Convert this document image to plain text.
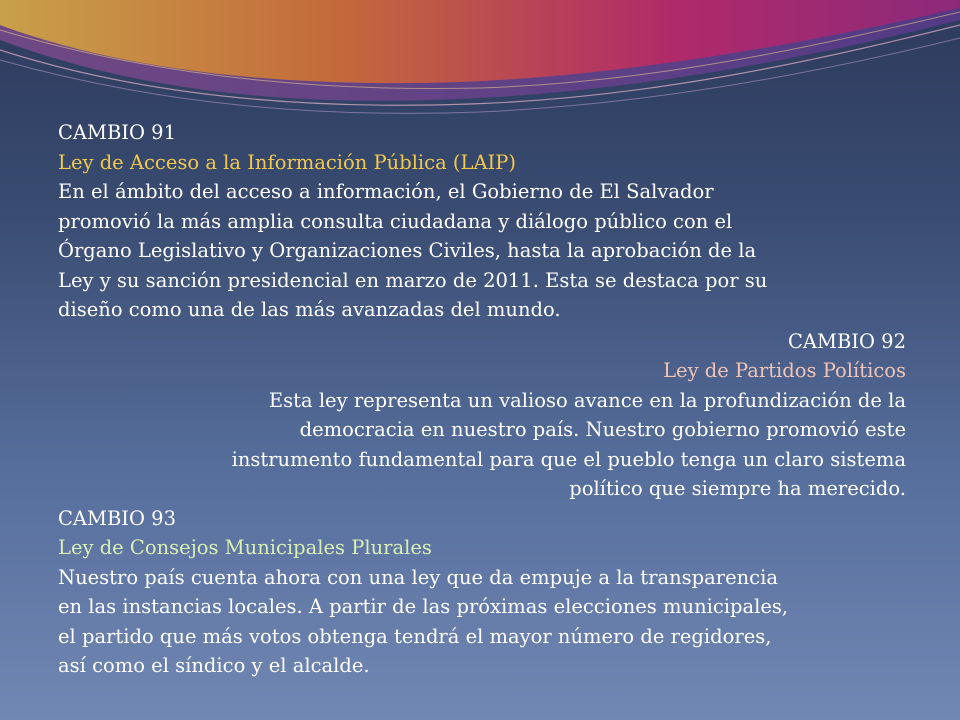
CAMBIO 91

Ley de Acceso a la Información Pública (LAIP)

En el ámbito del acceso a información, el Gobierno de El Salvador

promovió la más amplia consulta ciudadana y diálogo público con el

Órgano Legislativo y Organizaciones Civiles, hasta la aprobación de la

Ley y su sanción presidencial en marzo de 2011. Esta se destaca por su

diseño como una de las más avanzadas del mundo.

CAMBIO 92

Ley de Partidos Políticos

Esta ley representa un valioso avance en la profundización de la

democracia en nuestro país. Nuestro gobierno promovió este

instrumento fundamental para que el pueblo tenga un claro sistema

político que siempre ha merecido.

CAMBIO 93

Ley de Consejos Municipales Plurales

Nuestro país cuenta ahora con una ley que da empuje a la transparencia

en las instancias locales. A partir de las próximas elecciones municipales,

el partido que más votos obtenga tendrá el mayor número de regidores,

así como el síndico y el alcalde.
